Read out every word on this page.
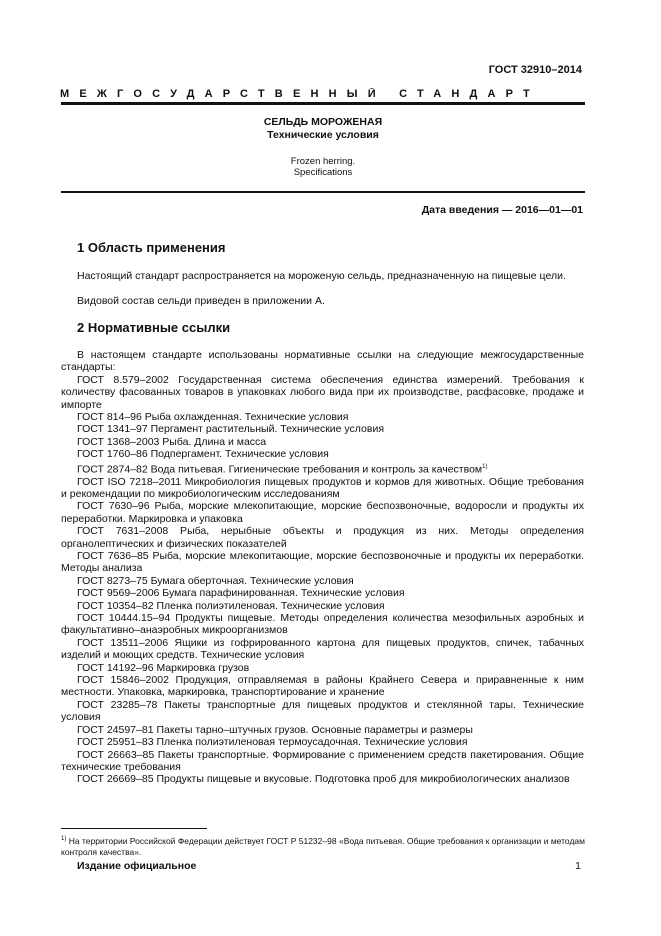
ГОСТ 32910–2014
МЕЖГОСУДАРСТВЕННЫЙ СТАНДАРТ
СЕЛЬДЬ МОРОЖЕНАЯ
Технические условия
Frozen herring.
Specifications
Дата введения — 2016—01—01
1 Область применения

Настоящий стандарт распространяется на мороженую сельдь, предназначенную на пищевые цели.

Видовой состав сельди приведен в приложении А.

2 Нормативные ссылки

В настоящем стандарте использованы нормативные ссылки на следующие межгосударственные стандарты:

ГОСТ 8.579–2002 Государственная система обеспечения единства измерений. Требования к количеству фасованных товаров в упаковках любого вида при их производстве, расфасовке, продаже и импорте

ГОСТ 814–96 Рыба охлажденная. Технические условия

ГОСТ 1341–97 Пергамент растительный. Технические условия

ГОСТ 1368–2003 Рыба. Длина и масса

ГОСТ 1760–86 Подпергамент. Технические условия

ГОСТ 2874–82 Вода питьевая. Гигиенические требования и контроль за качеством$^{1)}$

ГОСТ ISO 7218–2011 Микробиология пищевых продуктов и кормов для животных. Общие требования и рекомендации по микробиологическим исследованиям

ГОСТ 7630–96 Рыба, морские млекопитающие, морские беспозвоночные, водоросли и продукты их переработки. Маркировка и упаковка

ГОСТ 7631–2008 Рыба, нерыбные объекты и продукция из них. Методы определения органолептических и физических показателей

ГОСТ 7636–85 Рыба, морские млекопитающие, морские беспозвоночные и продукты их переработки. Методы анализа

ГОСТ 8273–75 Бумага оберточная. Технические условия

ГОСТ 9569–2006 Бумага парафинированная. Технические условия

ГОСТ 10354–82 Пленка полиэтиленовая. Технические условия

ГОСТ 10444.15–94 Продукты пищевые. Методы определения количества мезофильных аэробных и факультативно–анаэробных микроорганизмов

ГОСТ 13511–2006 Ящики из гофрированного картона для пищевых продуктов, спичек, табачных изделий и моющих средств. Технические условия

ГОСТ 14192–96 Маркировка грузов

ГОСТ 15846–2002 Продукция, отправляемая в районы Крайнего Севера и приравненные к ним местности. Упаковка, маркировка, транспортирование и хранение

ГОСТ 23285–78 Пакеты транспортные для пищевых продуктов и стеклянной тары. Технические условия

ГОСТ 24597–81 Пакеты тарно–штучных грузов. Основные параметры и размеры

ГОСТ 25951–83 Пленка полиэтиленовая термоусадочная. Технические условия

ГОСТ 26663–85 Пакеты транспортные. Формирование с применением средств пакетирования. Общие технические требования

ГОСТ 26669–85 Продукты пищевые и вкусовые. Подготовка проб для микробиологических анализов

$^{1)}$ На территории Российской Федерации действует ГОСТ Р 51232–98 «Вода питьевая. Общие требования к организации и методам контроля качества».
Издание официальное	1
